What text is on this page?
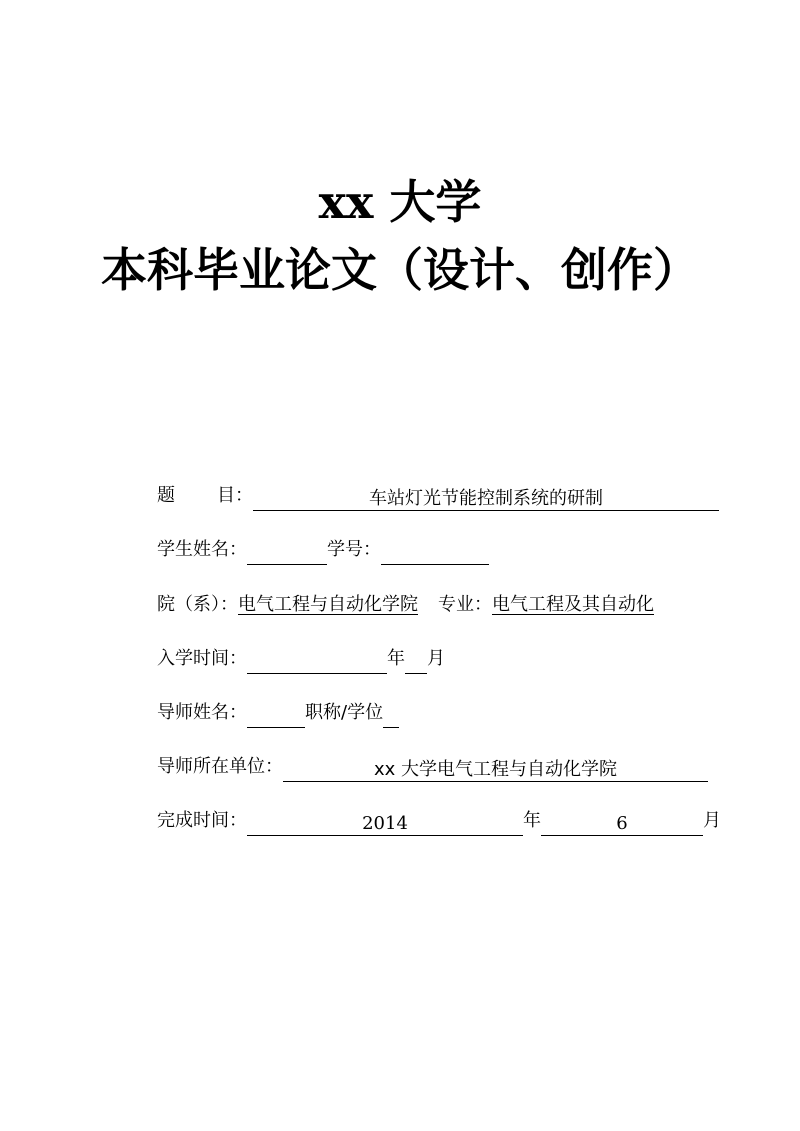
xx 大学
本科毕业论文（设计、创作）
题 目：	车站灯光节能控制系统的研制
学生姓名：	学号：
院（系）：电气工程与自动化学院 专业：电气工程及其自动化
入学时间：	年 月
导师姓名：	职称/学位
导师所在单位：	xx 大学电气工程与自动化学院
完成时间：	2014	年	6	月
